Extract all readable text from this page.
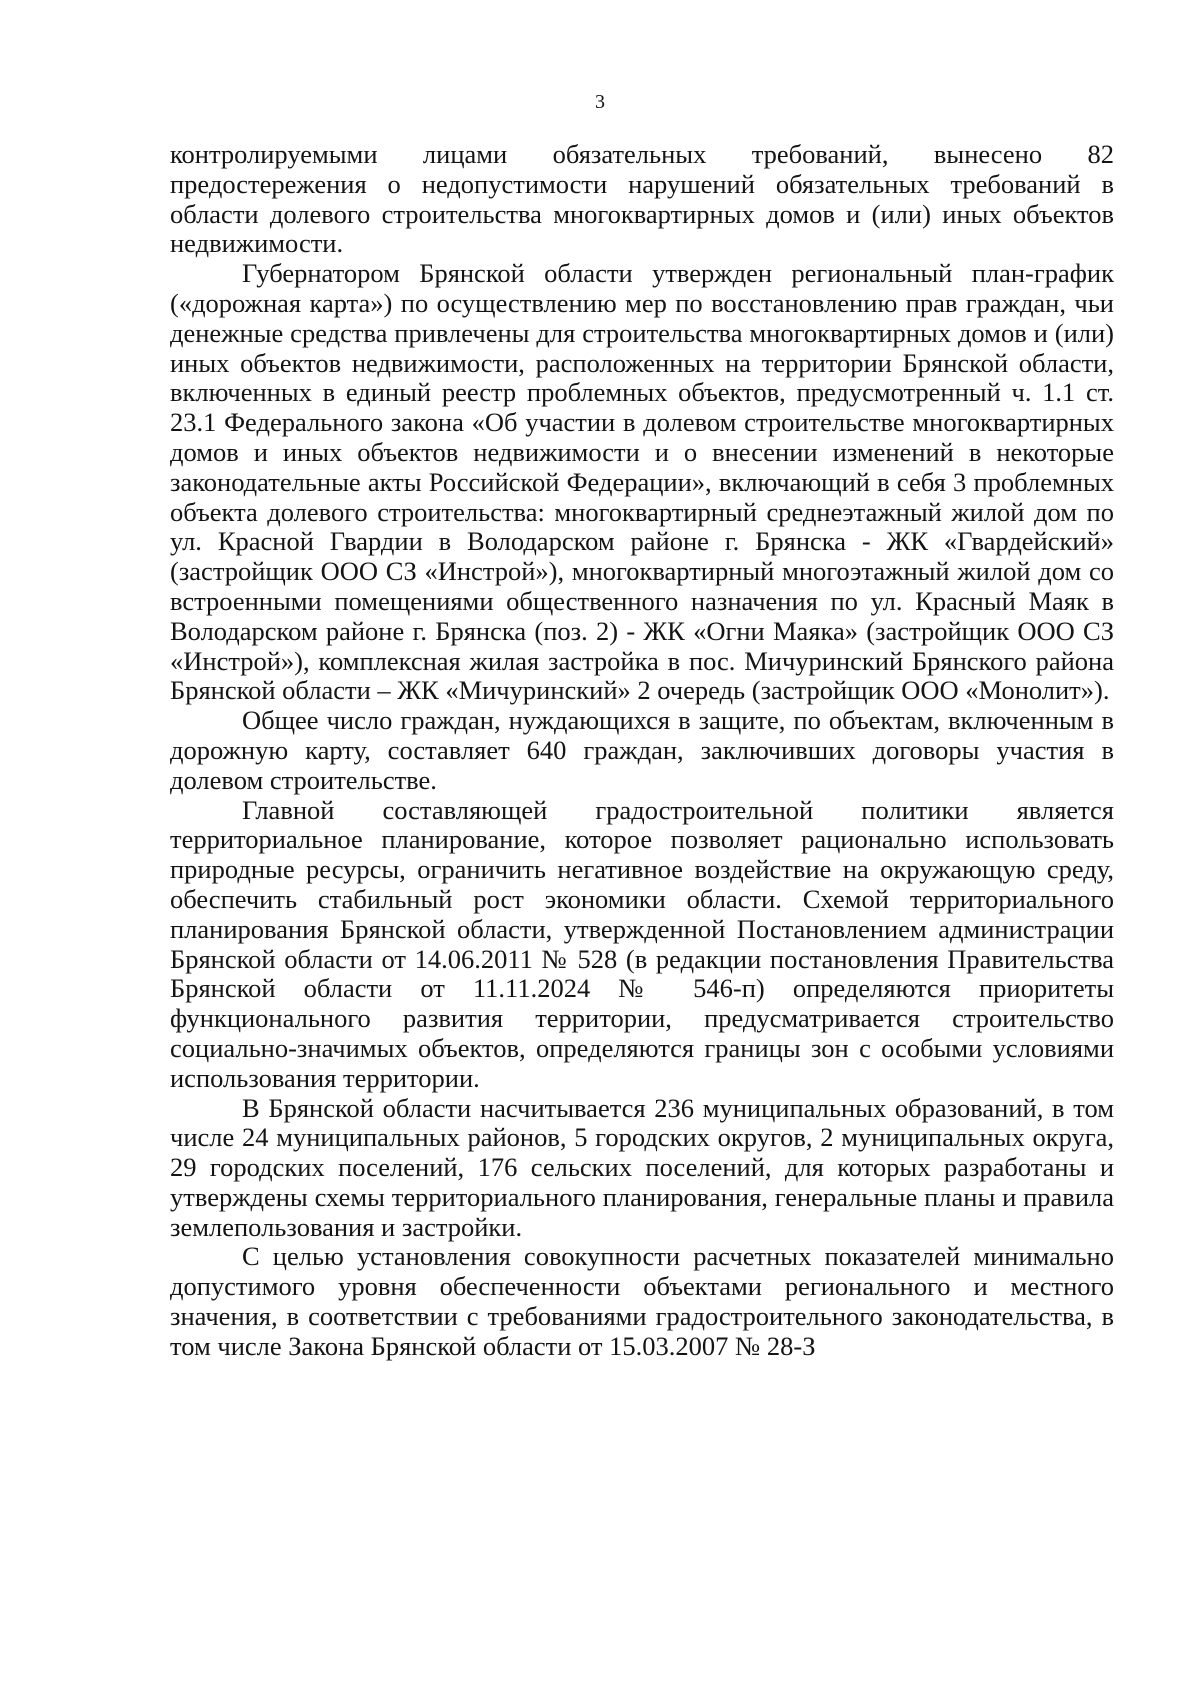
3

контролируемыми лицами обязательных требований, вынесено 82 предостережения о недопустимости нарушений обязательных требований в области долевого строительства многоквартирных домов и (или) иных объектов недвижимости.

Губернатором Брянской области утвержден региональный план-график («дорожная карта») по осуществлению мер по восстановлению прав граждан, чьи денежные средства привлечены для строительства многоквартирных домов и (или) иных объектов недвижимости, расположенных на территории Брянской области, включенных в единый реестр проблемных объектов, предусмотренный ч. 1.1 ст. 23.1 Федерального закона «Об участии в долевом строительстве многоквартирных домов и иных объектов недвижимости и о внесении изменений в некоторые законодательные акты Российской Федерации», включающий в себя 3 проблемных объекта долевого строительства: многоквартирный среднеэтажный жилой дом по ул. Красной Гвардии в Володарском районе г. Брянска - ЖК «Гвардейский» (застройщик ООО СЗ «Инстрой»), многоквартирный многоэтажный жилой дом со встроенными помещениями общественного назначения по ул. Красный Маяк в Володарском районе г. Брянска (поз. 2) - ЖК «Огни Маяка» (застройщик ООО СЗ «Инстрой»), комплексная жилая застройка в пос. Мичуринский Брянского района Брянской области – ЖК «Мичуринский» 2 очередь (застройщик ООО «Монолит»).

Общее число граждан, нуждающихся в защите, по объектам, включенным в дорожную карту, составляет 640 граждан, заключивших договоры участия в долевом строительстве.

Главной составляющей градостроительной политики является территориальное планирование, которое позволяет рационально использовать природные ресурсы, ограничить негативное воздействие на окружающую среду, обеспечить стабильный рост экономики области. Схемой территориального планирования Брянской области, утвержденной Постановлением администрации Брянской области от 14.06.2011 № 528 (в редакции постановления Правительства Брянской области от 11.11.2024 № 546-п) определяются приоритеты функционального развития территории, предусматривается строительство социально-значимых объектов, определяются границы зон с особыми условиями использования территории.

В Брянской области насчитывается 236 муниципальных образований, в том числе 24 муниципальных районов, 5 городских округов, 2 муниципальных округа, 29 городских поселений, 176 сельских поселений, для которых разработаны и утверждены схемы территориального планирования, генеральные планы и правила землепользования и застройки.

С целью установления совокупности расчетных показателей минимально допустимого уровня обеспеченности объектами регионального и местного значения, в соответствии с требованиями градостроительного законодательства, в том числе Закона Брянской области от 15.03.2007 № 28-З
